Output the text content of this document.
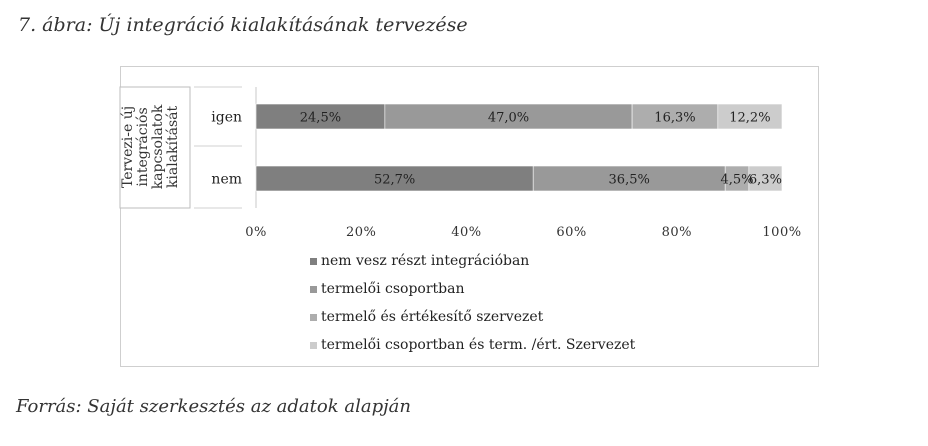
7. ábra: Új integráció kialakításának tervezése
Tervezi-e újintegrációskapcsolatokkialakítását igen
nem
24,5%	47,0%	16,3%	12,2%
52,7%	36,5%	4,5%
6,3%
0%	20%	40%	60%	80%	100%
nem vesz részt integrációban
termelői csoportban
termelő és értékesítő szervezet
termelői csoportban és term. /ért. Szervezet
Forrás: Saját szerkesztés az adatok alapján
